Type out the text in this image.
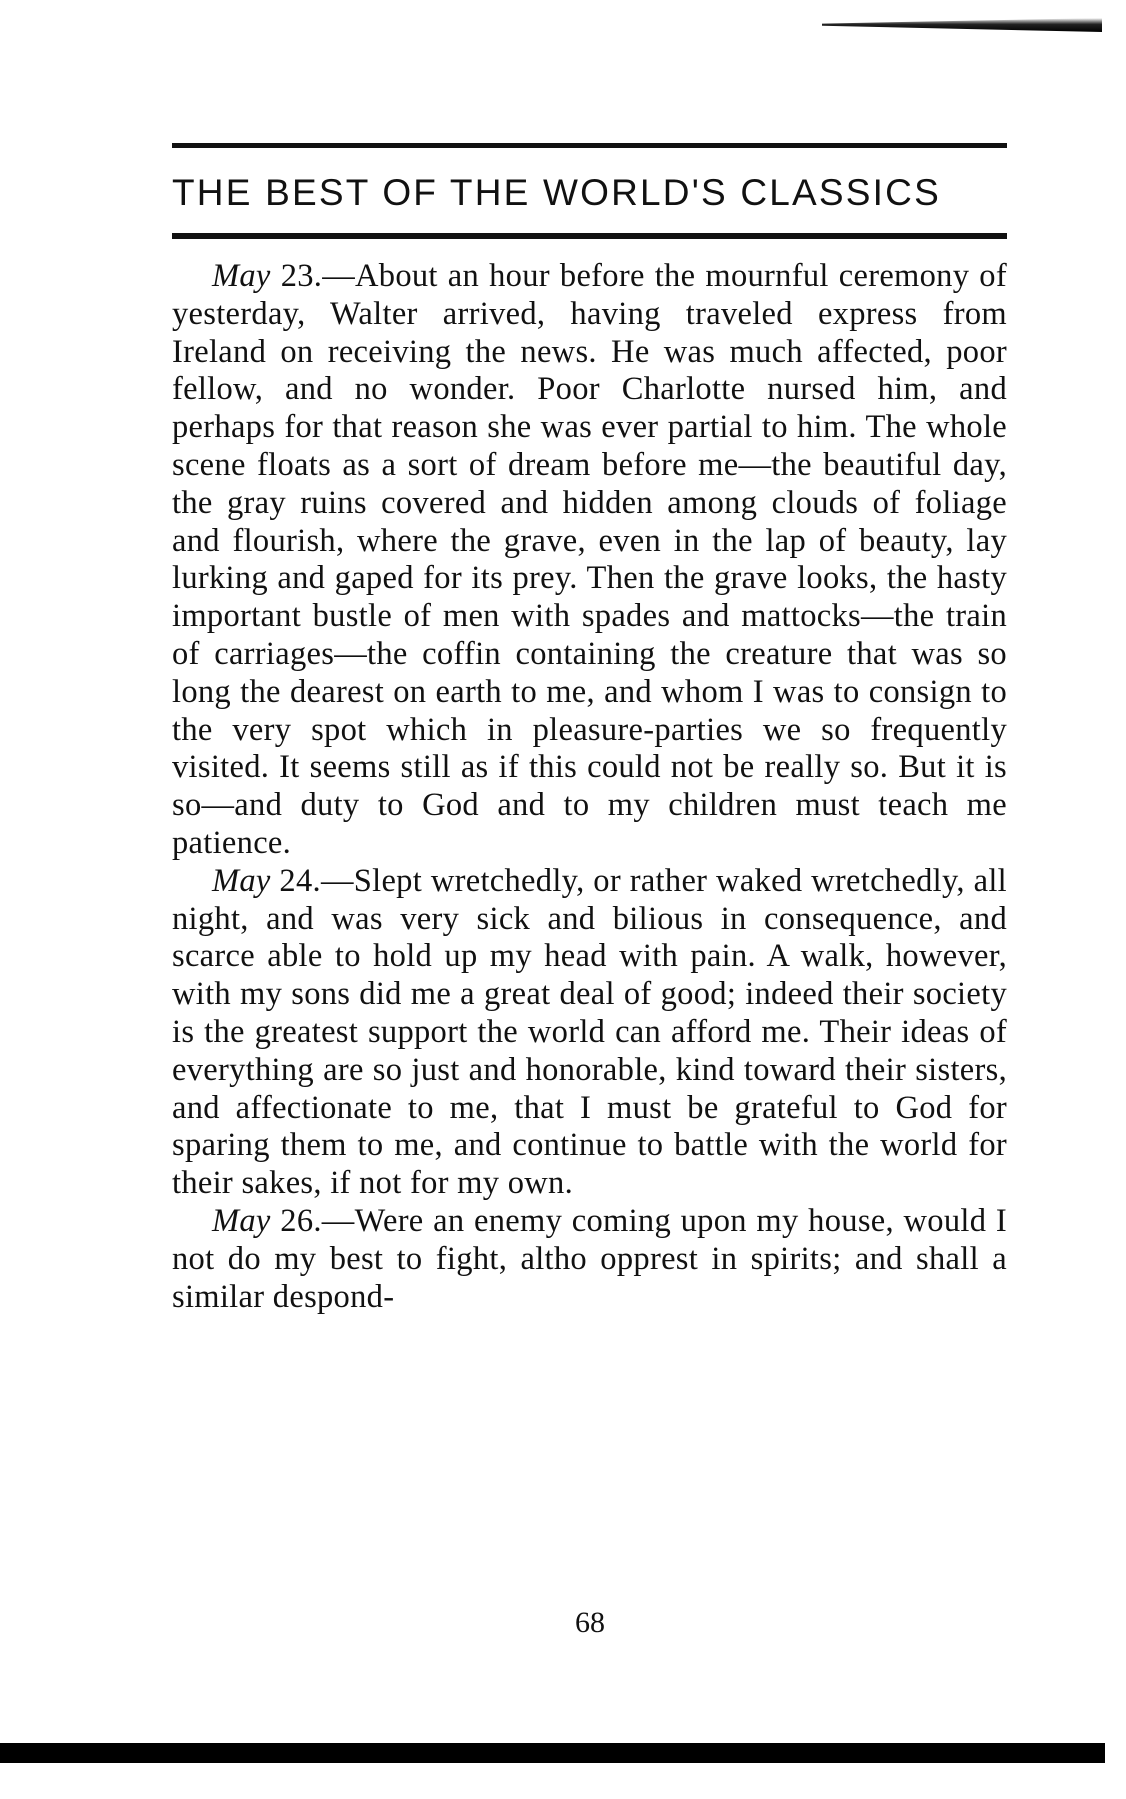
THE BEST OF THE WORLD'S CLASSICS

May 23.—About an hour before the mournful ceremony of yesterday, Walter arrived, having traveled express from Ireland on receiving the news. He was much affected, poor fellow, and no wonder. Poor Charlotte nursed him, and perhaps for that reason she was ever partial to him. The whole scene floats as a sort of dream before me—the beautiful day, the gray ruins covered and hidden among clouds of foliage and flourish, where the grave, even in the lap of beauty, lay lurking and gaped for its prey. Then the grave looks, the hasty important bustle of men with spades and mattocks—the train of carriages—the coffin containing the creature that was so long the dearest on earth to me, and whom I was to consign to the very spot which in pleasure-parties we so frequently visited. It seems still as if this could not be really so. But it is so—and duty to God and to my children must teach me patience.

May 24.—Slept wretchedly, or rather waked wretchedly, all night, and was very sick and bilious in consequence, and scarce able to hold up my head with pain. A walk, however, with my sons did me a great deal of good; indeed their society is the greatest support the world can afford me. Their ideas of everything are so just and honorable, kind toward their sisters, and affectionate to me, that I must be grateful to God for sparing them to me, and continue to battle with the world for their sakes, if not for my own.

May 26.—Were an enemy coming upon my house, would I not do my best to fight, altho opprest in spirits; and shall a similar despond-

68
